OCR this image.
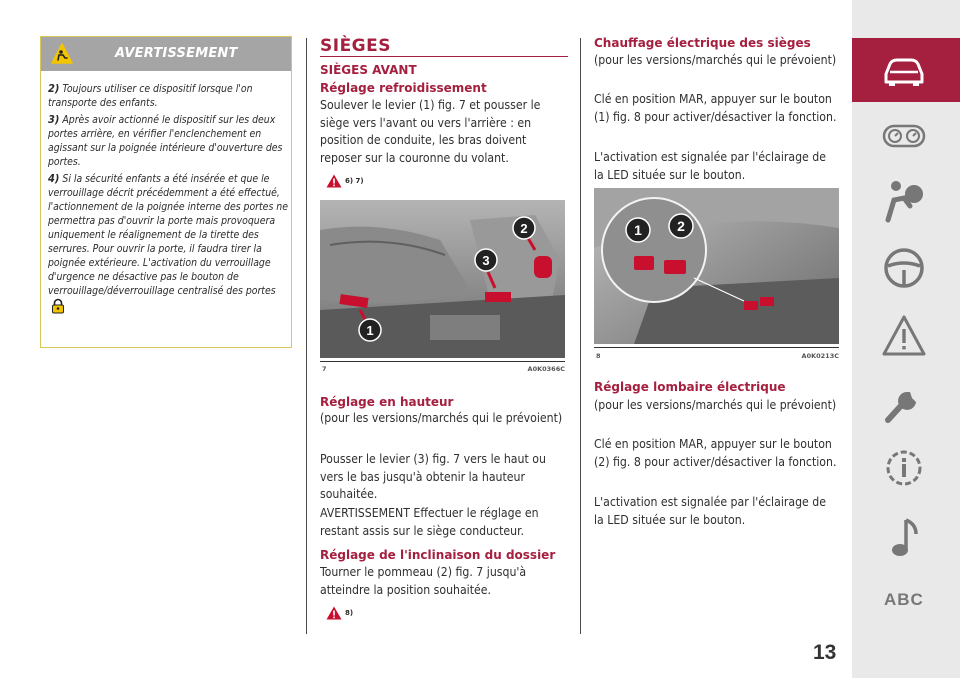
AVERTISSEMENT

2) Toujours utiliser ce dispositif lorsque l'on transporte des enfants.

3) Après avoir actionné le dispositif sur les deux portes arrière, en vérifier l'enclenchement en agissant sur la poignée intérieure d'ouverture des portes.

4) Si la sécurité enfants a été insérée et que le verrouillage décrit précédemment a été effectué, l'actionnement de la poignée interne des portes ne permettra pas d'ouvrir la porte mais provoquera uniquement le réalignement de la tirette des serrures. Pour ouvrir la porte, il faudra tirer la poignée extérieure. L'activation du verrouillage d'urgence ne désactive pas le bouton de verrouillage/déverrouillage centralisé des portes

SIÈGES
SIÈGES AVANT
Réglage refroidissement
Soulever le levier (1) fig. 7 et pousser le siège vers l'avant ou vers l'arrière : en position de conduite, les bras doivent reposer sur la couronne du volant.
6) 7)
1
3
2
7	A0K0366C
Réglage en hauteur
(pour les versions/marchés qui le prévoient)
Pousser le levier (3) fig. 7 vers le haut ou vers le bas jusqu'à obtenir la hauteur souhaitée.
AVERTISSEMENT Effectuer le réglage en restant assis sur le siège conducteur.
Réglage de l'inclinaison du dossier
Tourner le pommeau (2) fig. 7 jusqu'à atteindre la position souhaitée.
8)
Chauffage électrique des sièges
(pour les versions/marchés qui le prévoient)
Clé en position MAR, appuyer sur le bouton (1) fig. 8 pour activer/désactiver la fonction.
L'activation est signalée par l'éclairage de la LED située sur le bouton.
1	2
8	A0K0213C
Réglage lombaire électrique
(pour les versions/marchés qui le prévoient)
Clé en position MAR, appuyer sur le bouton (2) fig. 8 pour activer/désactiver la fonction.
L'activation est signalée par l'éclairage de la LED située sur le bouton.
ABC
13
